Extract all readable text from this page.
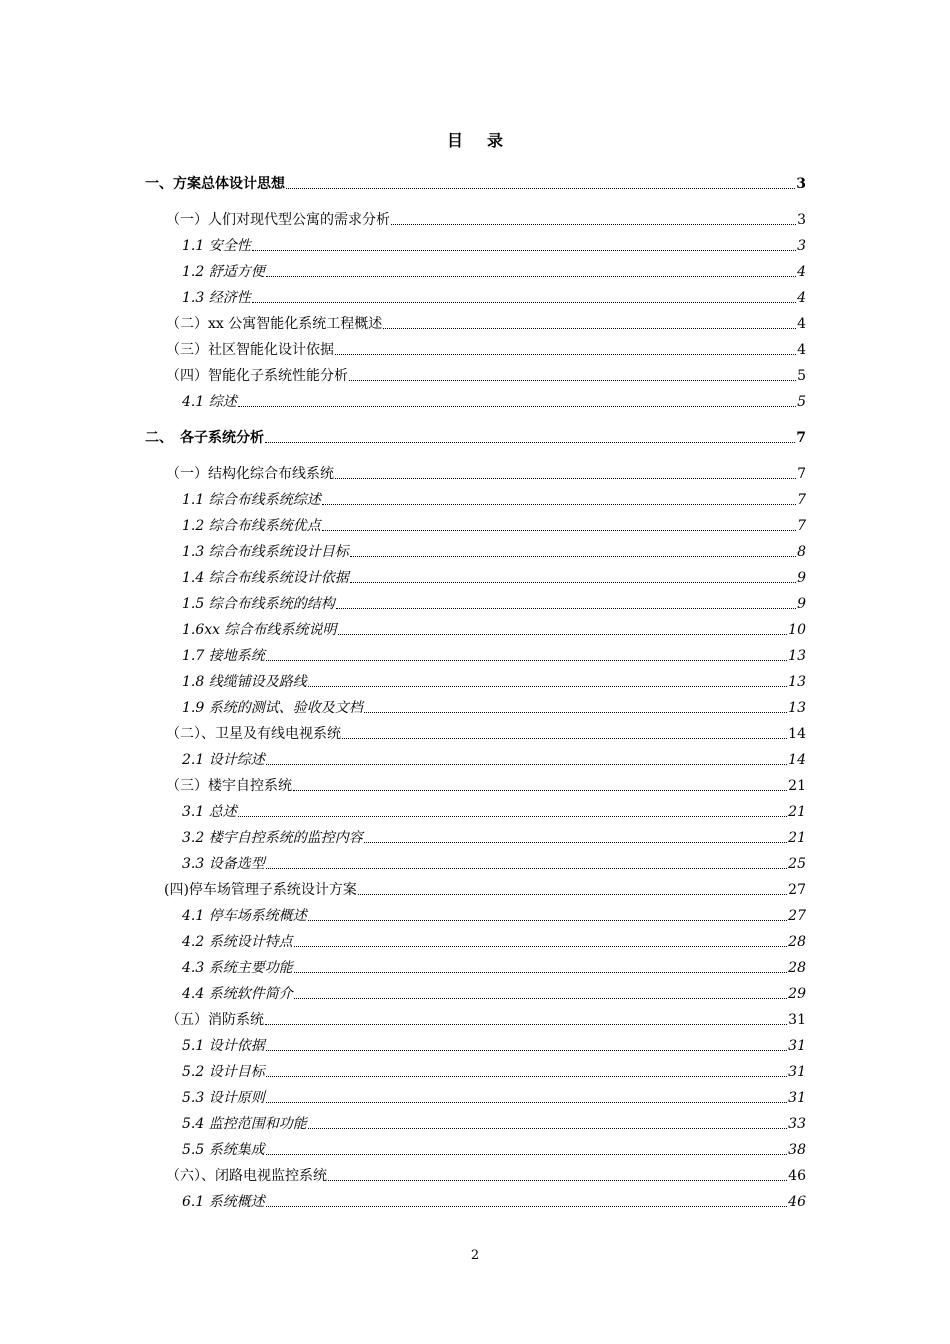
目 录
一、方案总体设计思想	3
（一）人们对现代型公寓的需求分析	3
1.1 安全性	3
1.2 舒适方便	4
1.3 经济性	4
（二）xx 公寓智能化系统工程概述	4
（三）社区智能化设计依据	4
（四）智能化子系统性能分析	5
4.1 综述	5
二、　各子系统分析	7
（一）结构化综合布线系统	7
1.1 综合布线系统综述	7
1.2 综合布线系统优点	7
1.3 综合布线系统设计目标	8
1.4 综合布线系统设计依据	9
1.5 综合布线系统的结构	9
1.6xx 综合布线系统说明	10
1.7 接地系统	13
1.8 线缆铺设及路线	13
1.9 系统的测试、验收及文档	13
（二）、卫星及有线电视系统	14
2.1 设计综述	14
（三）楼宇自控系统	21
3.1 总述	21
3.2 楼宇自控系统的监控内容	21
3.3 设备选型	25
(四)停车场管理子系统设计方案	27
4.1 停车场系统概述	27
4.2 系统设计特点	28
4.3 系统主要功能	28
4.4 系统软件简介	29
（五）消防系统	31
5.1 设计依据	31
5.2 设计目标	31
5.3 设计原则	31
5.4 监控范围和功能	33
5.5 系统集成	38
（六）、闭路电视监控系统	46
6.1 系统概述	46
2
